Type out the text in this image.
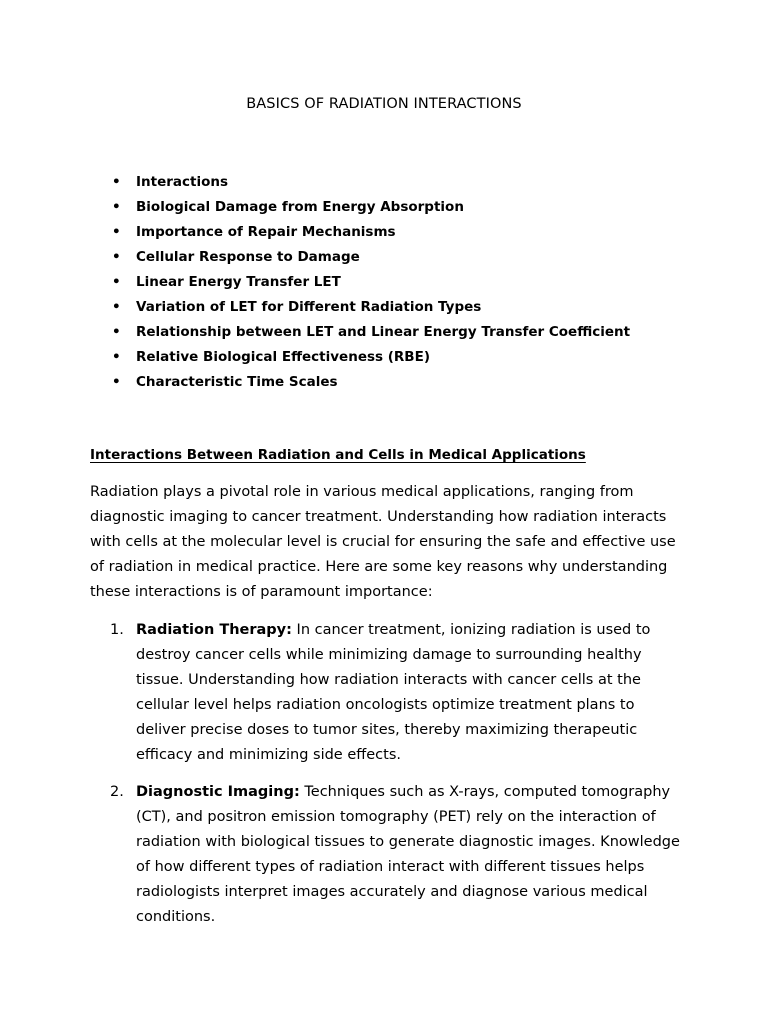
BASICS OF RADIATION INTERACTIONS
• Interactions
• Biological Damage from Energy Absorption
• Importance of Repair Mechanisms
• Cellular Response to Damage
• Linear Energy Transfer LET
• Variation of LET for Different Radiation Types
• Relationship between LET and Linear Energy Transfer Coefficient
• Relative Biological Effectiveness (RBE)
• Characteristic Time Scales
Interactions Between Radiation and Cells in Medical Applications

Radiation plays a pivotal role in various medical applications, ranging from diagnostic imaging to cancer treatment. Understanding how radiation interacts with cells at the molecular level is crucial for ensuring the safe and effective use of radiation in medical practice. Here are some key reasons why understanding these interactions is of paramount importance:

1. Radiation Therapy: In cancer treatment, ionizing radiation is used to destroy cancer cells while minimizing damage to surrounding healthy tissue. Understanding how radiation interacts with cancer cells at the cellular level helps radiation oncologists optimize treatment plans to deliver precise doses to tumor sites, thereby maximizing therapeutic efficacy and minimizing side effects.
2. Diagnostic Imaging: Techniques such as X-rays, computed tomography (CT), and positron emission tomography (PET) rely on the interaction of radiation with biological tissues to generate diagnostic images. Knowledge of how different types of radiation interact with different tissues helps radiologists interpret images accurately and diagnose various medical conditions.
